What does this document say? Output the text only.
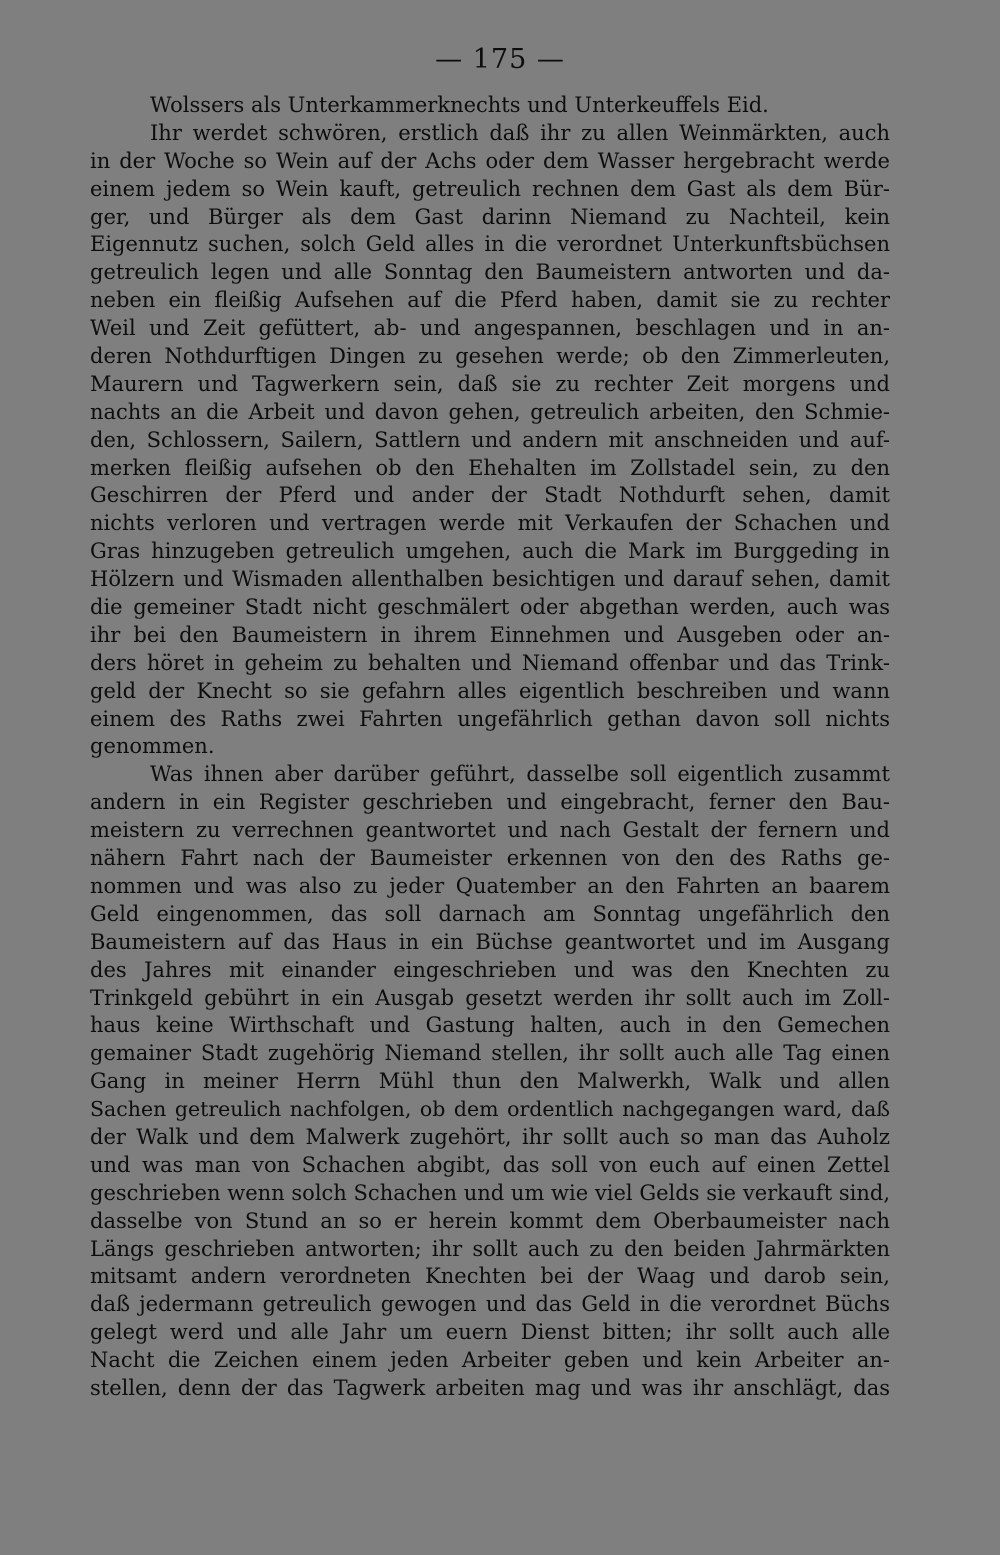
— 175 —
Wolssers als Unterkammerknechts und Unterkeuffels Eid.
Ihr werdet schwören, erstlich daß ihr zu allen Weinmärkten, auch
in der Woche so Wein auf der Achs oder dem Wasser hergebracht werde
einem jedem so Wein kauft, getreulich rechnen dem Gast als dem Bür-
ger, und Bürger als dem Gast darinn Niemand zu Nachteil, kein
Eigennutz suchen, solch Geld alles in die verordnet Unterkunftsbüchsen
getreulich legen und alle Sonntag den Baumeistern antworten und da-
neben ein fleißig Aufsehen auf die Pferd haben, damit sie zu rechter
Weil und Zeit gefüttert, ab- und angespannen, beschlagen und in an-
deren Nothdurftigen Dingen zu gesehen werde; ob den Zimmerleuten,
Maurern und Tagwerkern sein, daß sie zu rechter Zeit morgens und
nachts an die Arbeit und davon gehen, getreulich arbeiten, den Schmie-
den, Schlossern, Sailern, Sattlern und andern mit anschneiden und auf-
merken fleißig aufsehen ob den Ehehalten im Zollstadel sein, zu den
Geschirren der Pferd und ander der Stadt Nothdurft sehen, damit
nichts verloren und vertragen werde mit Verkaufen der Schachen und
Gras hinzugeben getreulich umgehen, auch die Mark im Burggeding in
Hölzern und Wismaden allenthalben besichtigen und darauf sehen, damit
die gemeiner Stadt nicht geschmälert oder abgethan werden, auch was
ihr bei den Baumeistern in ihrem Einnehmen und Ausgeben oder an-
ders höret in geheim zu behalten und Niemand offenbar und das Trink-
geld der Knecht so sie gefahrn alles eigentlich beschreiben und wann
einem des Raths zwei Fahrten ungefährlich gethan davon soll nichts
genommen.
Was ihnen aber darüber geführt, dasselbe soll eigentlich zusammt
andern in ein Register geschrieben und eingebracht, ferner den Bau-
meistern zu verrechnen geantwortet und nach Gestalt der fernern und
nähern Fahrt nach der Baumeister erkennen von den des Raths ge-
nommen und was also zu jeder Quatember an den Fahrten an baarem
Geld eingenommen, das soll darnach am Sonntag ungefährlich den
Baumeistern auf das Haus in ein Büchse geantwortet und im Ausgang
des Jahres mit einander eingeschrieben und was den Knechten zu
Trinkgeld gebührt in ein Ausgab gesetzt werden ihr sollt auch im Zoll-
haus keine Wirthschaft und Gastung halten, auch in den Gemechen
gemainer Stadt zugehörig Niemand stellen, ihr sollt auch alle Tag einen
Gang in meiner Herrn Mühl thun den Malwerkh, Walk und allen
Sachen getreulich nachfolgen, ob dem ordentlich nachgegangen ward, daß
der Walk und dem Malwerk zugehört, ihr sollt auch so man das Auholz
und was man von Schachen abgibt, das soll von euch auf einen Zettel
geschrieben wenn solch Schachen und um wie viel Gelds sie verkauft sind,
dasselbe von Stund an so er herein kommt dem Oberbaumeister nach
Längs geschrieben antworten; ihr sollt auch zu den beiden Jahrmärkten
mitsamt andern verordneten Knechten bei der Waag und darob sein,
daß jedermann getreulich gewogen und das Geld in die verordnet Büchs
gelegt werd und alle Jahr um euern Dienst bitten; ihr sollt auch alle
Nacht die Zeichen einem jeden Arbeiter geben und kein Arbeiter an-
stellen, denn der das Tagwerk arbeiten mag und was ihr anschlägt, das
